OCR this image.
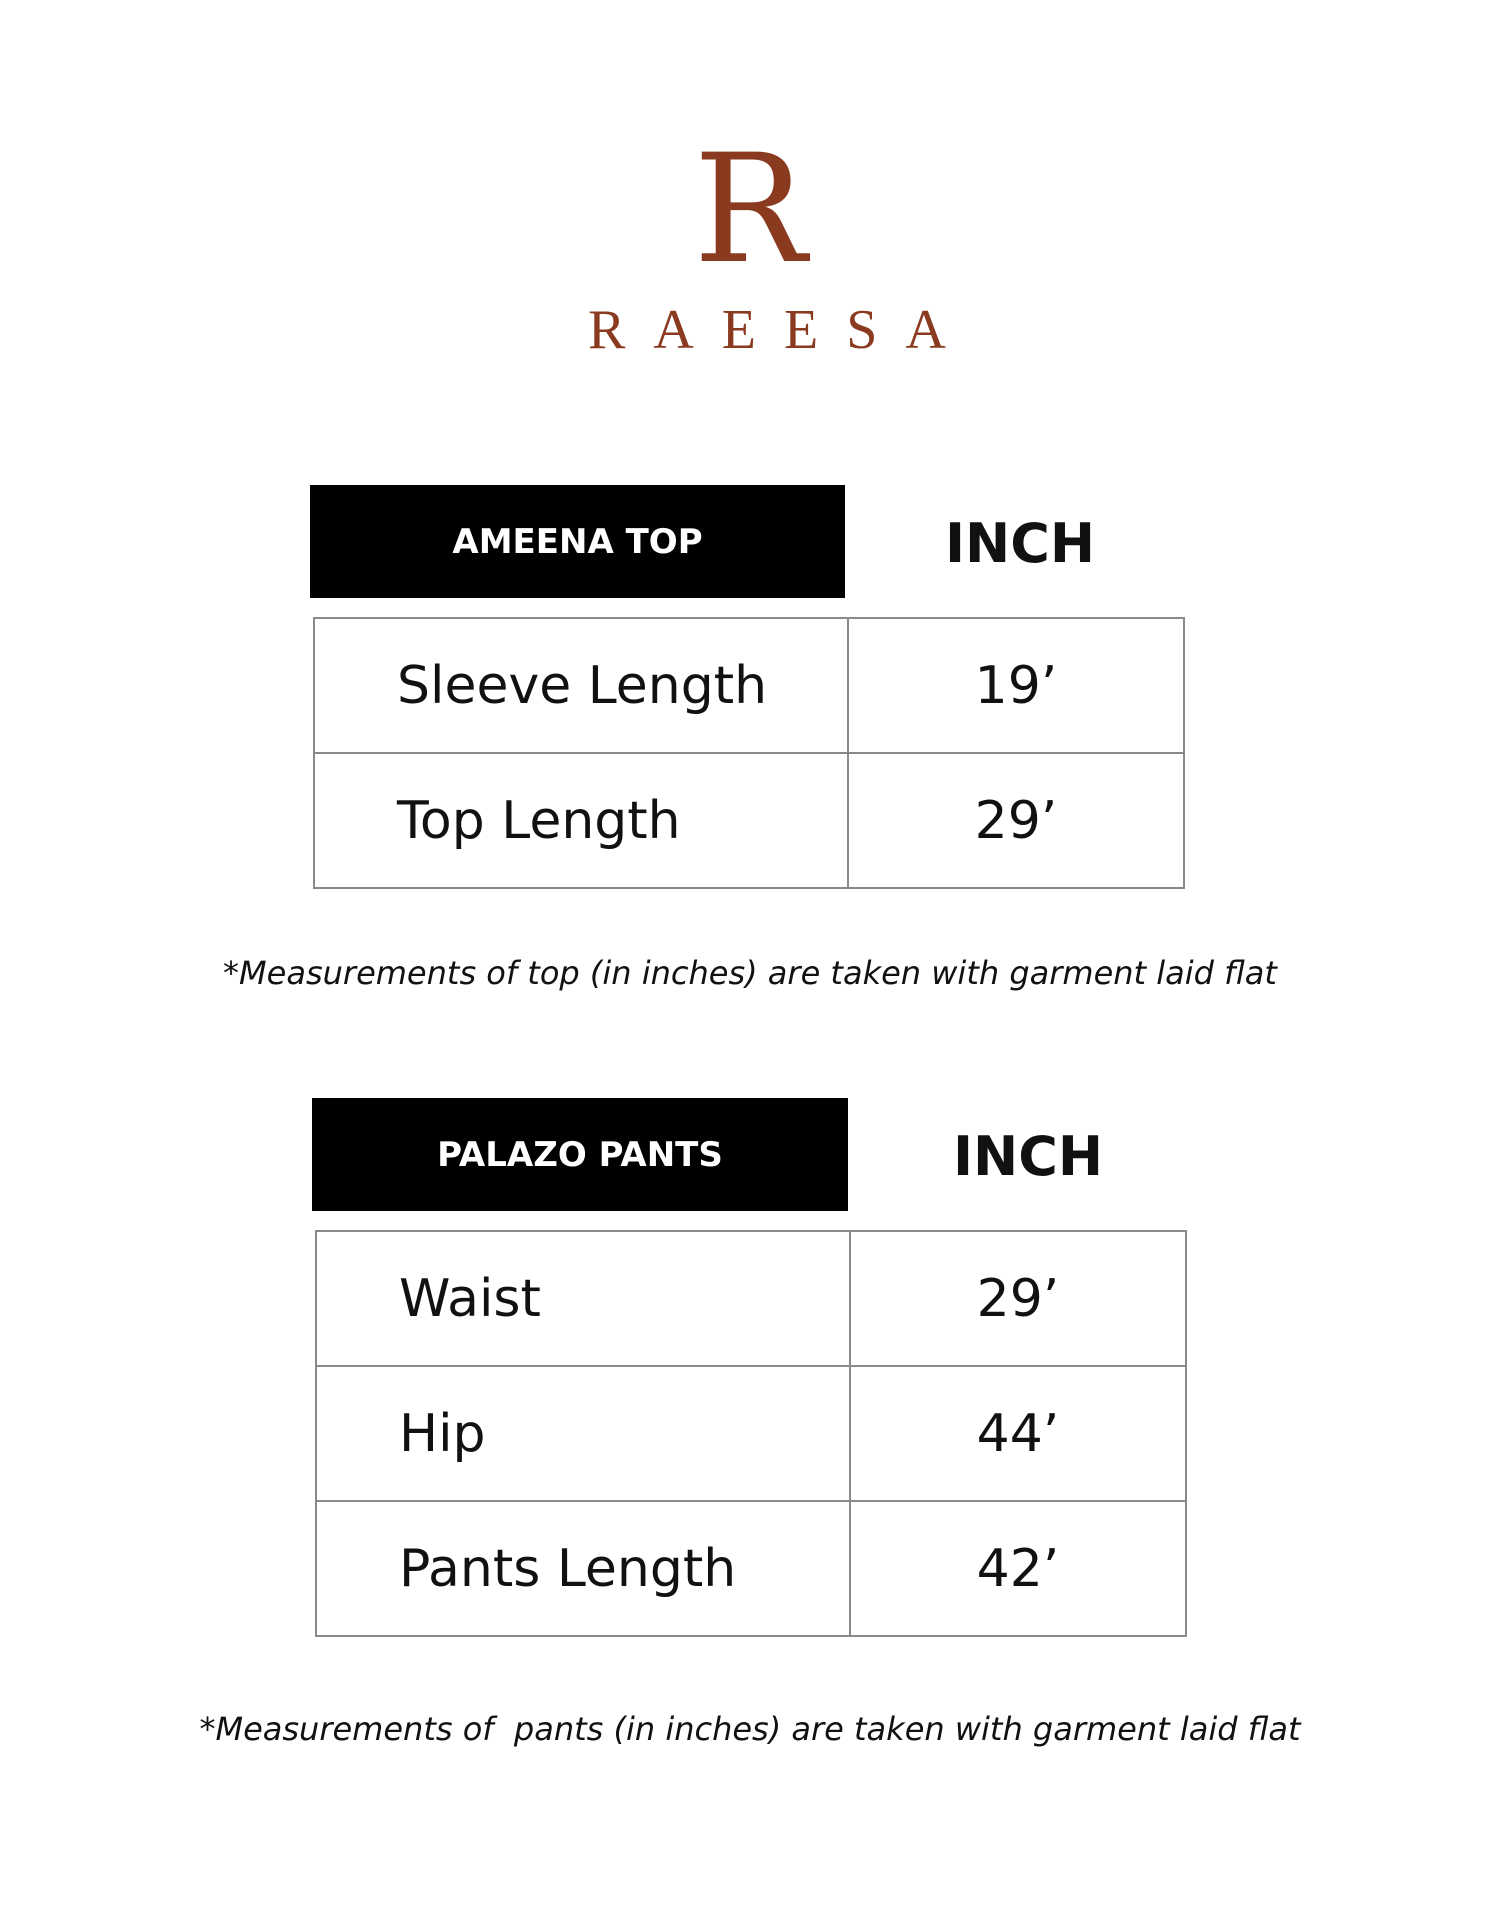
R
RAEESA
AMEENA TOP	INCH
Sleeve Length	19’
Top Length	29’
*Measurements of top (in inches) are taken with garment laid flat
PALAZO PANTS	INCH
Waist	29’
Hip	44’
Pants Length	42’
*Measurements of  pants (in inches) are taken with garment laid flat
